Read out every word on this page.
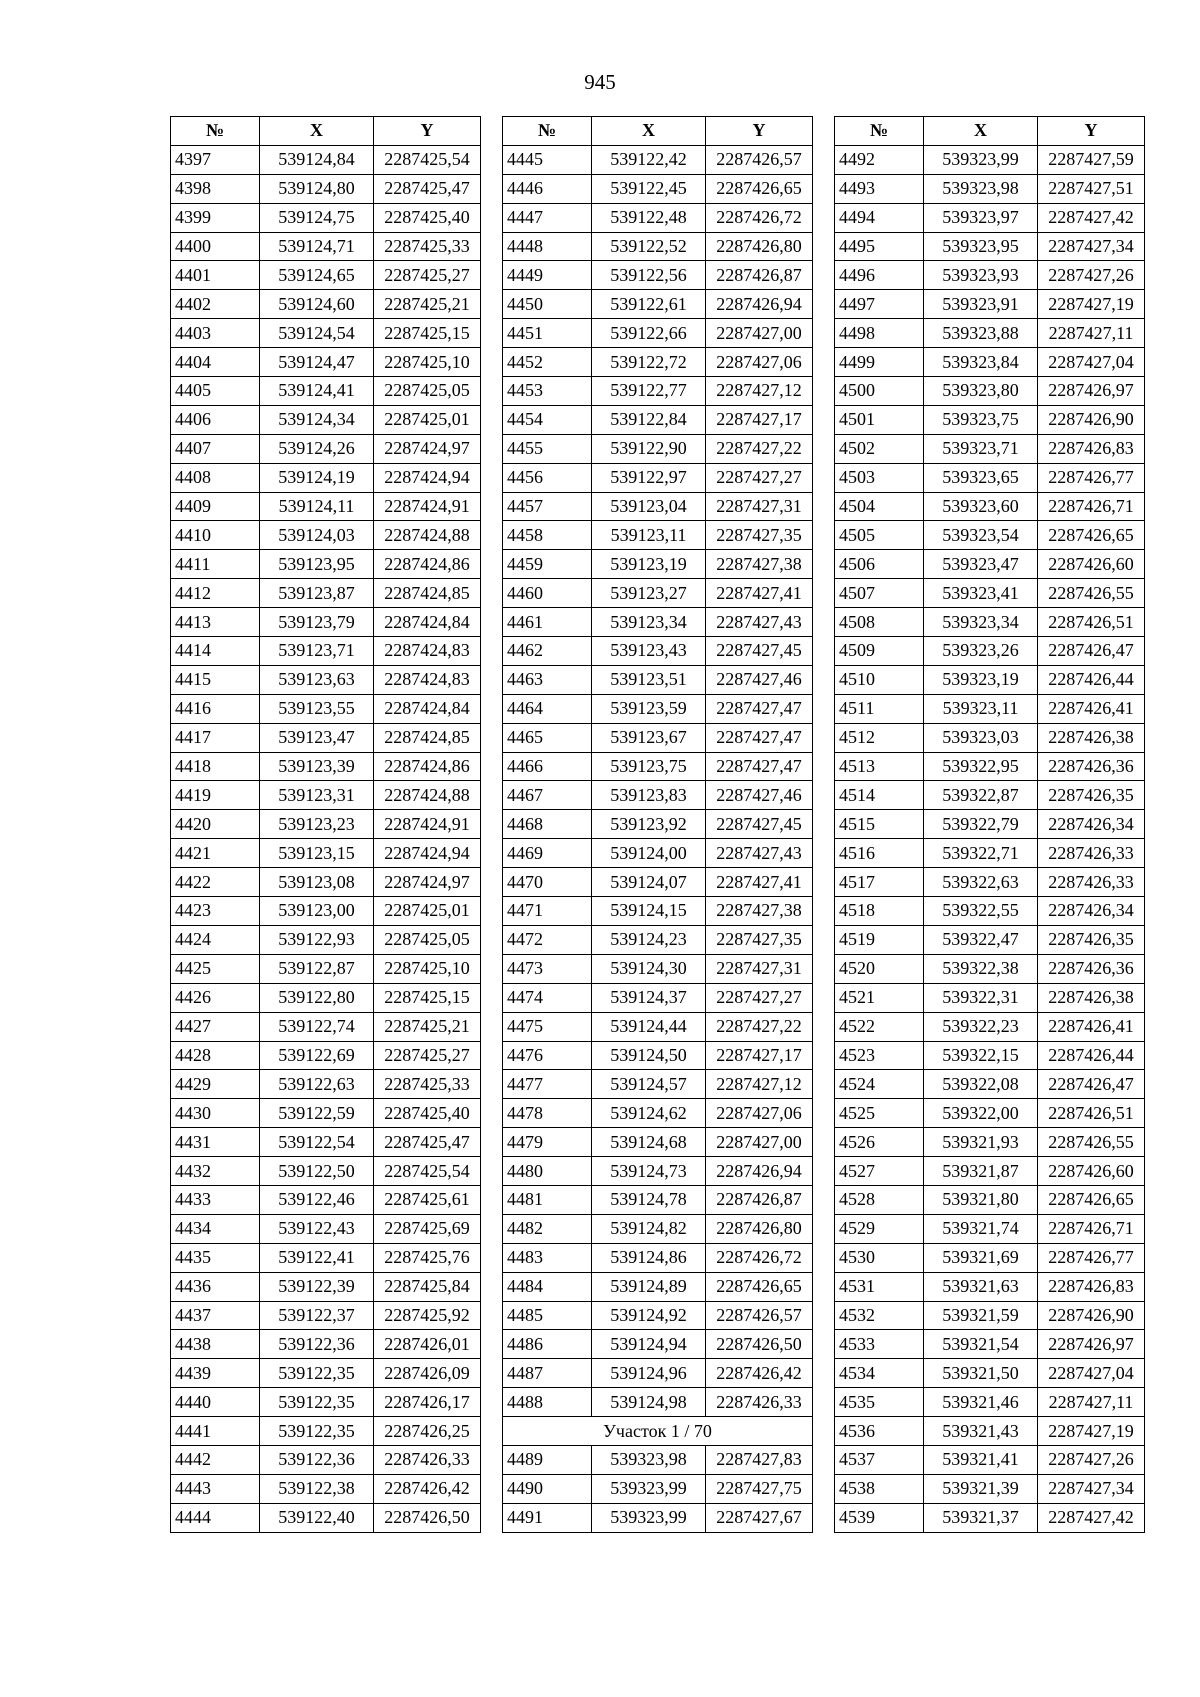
945
№	X	Y
4397	539124,84	2287425,54
4398	539124,80	2287425,47
4399	539124,75	2287425,40
4400	539124,71	2287425,33
4401	539124,65	2287425,27
4402	539124,60	2287425,21
4403	539124,54	2287425,15
4404	539124,47	2287425,10
4405	539124,41	2287425,05
4406	539124,34	2287425,01
4407	539124,26	2287424,97
4408	539124,19	2287424,94
4409	539124,11	2287424,91
4410	539124,03	2287424,88
4411	539123,95	2287424,86
4412	539123,87	2287424,85
4413	539123,79	2287424,84
4414	539123,71	2287424,83
4415	539123,63	2287424,83
4416	539123,55	2287424,84
4417	539123,47	2287424,85
4418	539123,39	2287424,86
4419	539123,31	2287424,88
4420	539123,23	2287424,91
4421	539123,15	2287424,94
4422	539123,08	2287424,97
4423	539123,00	2287425,01
4424	539122,93	2287425,05
4425	539122,87	2287425,10
4426	539122,80	2287425,15
4427	539122,74	2287425,21
4428	539122,69	2287425,27
4429	539122,63	2287425,33
4430	539122,59	2287425,40
4431	539122,54	2287425,47
4432	539122,50	2287425,54
4433	539122,46	2287425,61
4434	539122,43	2287425,69
4435	539122,41	2287425,76
4436	539122,39	2287425,84
4437	539122,37	2287425,92
4438	539122,36	2287426,01
4439	539122,35	2287426,09
4440	539122,35	2287426,17
4441	539122,35	2287426,25
4442	539122,36	2287426,33
4443	539122,38	2287426,42
4444	539122,40	2287426,50
№	X	Y
4445	539122,42	2287426,57
4446	539122,45	2287426,65
4447	539122,48	2287426,72
4448	539122,52	2287426,80
4449	539122,56	2287426,87
4450	539122,61	2287426,94
4451	539122,66	2287427,00
4452	539122,72	2287427,06
4453	539122,77	2287427,12
4454	539122,84	2287427,17
4455	539122,90	2287427,22
4456	539122,97	2287427,27
4457	539123,04	2287427,31
4458	539123,11	2287427,35
4459	539123,19	2287427,38
4460	539123,27	2287427,41
4461	539123,34	2287427,43
4462	539123,43	2287427,45
4463	539123,51	2287427,46
4464	539123,59	2287427,47
4465	539123,67	2287427,47
4466	539123,75	2287427,47
4467	539123,83	2287427,46
4468	539123,92	2287427,45
4469	539124,00	2287427,43
4470	539124,07	2287427,41
4471	539124,15	2287427,38
4472	539124,23	2287427,35
4473	539124,30	2287427,31
4474	539124,37	2287427,27
4475	539124,44	2287427,22
4476	539124,50	2287427,17
4477	539124,57	2287427,12
4478	539124,62	2287427,06
4479	539124,68	2287427,00
4480	539124,73	2287426,94
4481	539124,78	2287426,87
4482	539124,82	2287426,80
4483	539124,86	2287426,72
4484	539124,89	2287426,65
4485	539124,92	2287426,57
4486	539124,94	2287426,50
4487	539124,96	2287426,42
4488	539124,98	2287426,33
Участок 1 / 70		
4489	539323,98	2287427,83
4490	539323,99	2287427,75
4491	539323,99	2287427,67
№	X	Y
4492	539323,99	2287427,59
4493	539323,98	2287427,51
4494	539323,97	2287427,42
4495	539323,95	2287427,34
4496	539323,93	2287427,26
4497	539323,91	2287427,19
4498	539323,88	2287427,11
4499	539323,84	2287427,04
4500	539323,80	2287426,97
4501	539323,75	2287426,90
4502	539323,71	2287426,83
4503	539323,65	2287426,77
4504	539323,60	2287426,71
4505	539323,54	2287426,65
4506	539323,47	2287426,60
4507	539323,41	2287426,55
4508	539323,34	2287426,51
4509	539323,26	2287426,47
4510	539323,19	2287426,44
4511	539323,11	2287426,41
4512	539323,03	2287426,38
4513	539322,95	2287426,36
4514	539322,87	2287426,35
4515	539322,79	2287426,34
4516	539322,71	2287426,33
4517	539322,63	2287426,33
4518	539322,55	2287426,34
4519	539322,47	2287426,35
4520	539322,38	2287426,36
4521	539322,31	2287426,38
4522	539322,23	2287426,41
4523	539322,15	2287426,44
4524	539322,08	2287426,47
4525	539322,00	2287426,51
4526	539321,93	2287426,55
4527	539321,87	2287426,60
4528	539321,80	2287426,65
4529	539321,74	2287426,71
4530	539321,69	2287426,77
4531	539321,63	2287426,83
4532	539321,59	2287426,90
4533	539321,54	2287426,97
4534	539321,50	2287427,04
4535	539321,46	2287427,11
4536	539321,43	2287427,19
4537	539321,41	2287427,26
4538	539321,39	2287427,34
4539	539321,37	2287427,42
